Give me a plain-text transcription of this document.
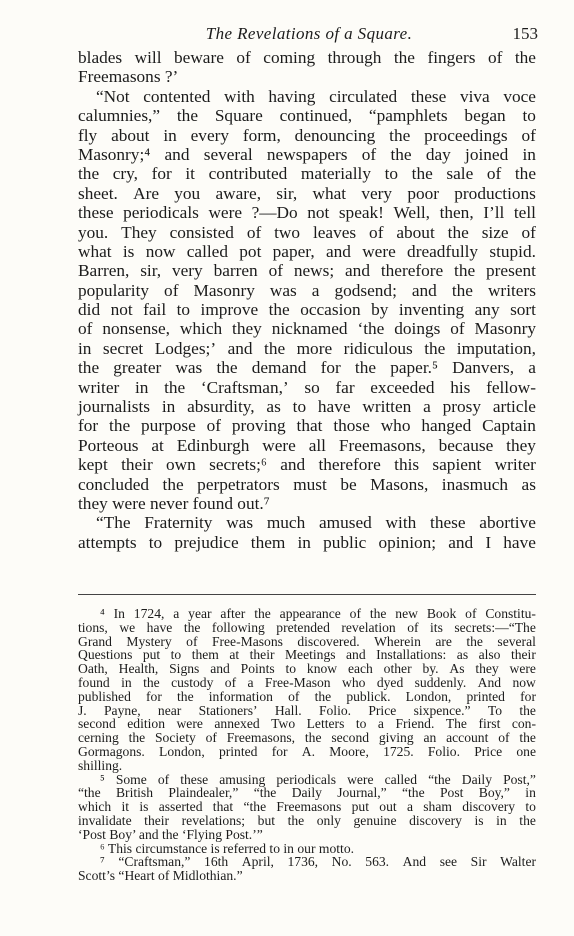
The Revelations of a Square.	153
blades will beware of coming through the fingers of the
Freemasons ?’
“Not contented with having circulated these viva voce
calumnies,” the Square continued, “pamphlets began to
fly about in every form, denouncing the proceedings of
Masonry;⁴ and several newspapers of the day joined in
the cry, for it contributed materially to the sale of the
sheet. Are you aware, sir, what very poor productions
these periodicals were ?—Do not speak! Well, then, I’ll tell
you. They consisted of two leaves of about the size of
what is now called pot paper, and were dreadfully stupid.
Barren, sir, very barren of news; and therefore the present
popularity of Masonry was a godsend; and the writers
did not fail to improve the occasion by inventing any sort
of nonsense, which they nicknamed ‘the doings of Masonry
in secret Lodges;’ and the more ridiculous the imputation,
the greater was the demand for the paper.⁵ Danvers, a
writer in the ‘Craftsman,’ so far exceeded his fellow-
journalists in absurdity, as to have written a prosy article
for the purpose of proving that those who hanged Captain
Porteous at Edinburgh were all Freemasons, because they
kept their own secrets;⁶ and therefore this sapient writer
concluded the perpetrators must be Masons, inasmuch as
they were never found out.⁷
“The Fraternity was much amused with these abortive
attempts to prejudice them in public opinion; and I have
⁴ In 1724, a year after the appearance of the new Book of Constitu-
tions, we have the following pretended revelation of its secrets:—“The
Grand Mystery of Free-Masons discovered. Wherein are the several
Questions put to them at their Meetings and Installations: as also their
Oath, Health, Signs and Points to know each other by. As they were
found in the custody of a Free-Mason who dyed suddenly. And now
published for the information of the publick. London, printed for
J. Payne, near Stationers’ Hall. Folio. Price sixpence.” To the
second edition were annexed Two Letters to a Friend. The first con-
cerning the Society of Freemasons, the second giving an account of the
Gormagons. London, printed for A. Moore, 1725. Folio. Price one
shilling.
⁵ Some of these amusing periodicals were called “the Daily Post,”
“the British Plaindealer,” “the Daily Journal,” “the Post Boy,” in
which it is asserted that “the Freemasons put out a sham discovery to
invalidate their revelations; but the only genuine discovery is in the
‘Post Boy’ and the ‘Flying Post.’”
⁶ This circumstance is referred to in our motto.
⁷ “Craftsman,” 16th April, 1736, No. 563. And see Sir Walter
Scott’s “Heart of Midlothian.”
